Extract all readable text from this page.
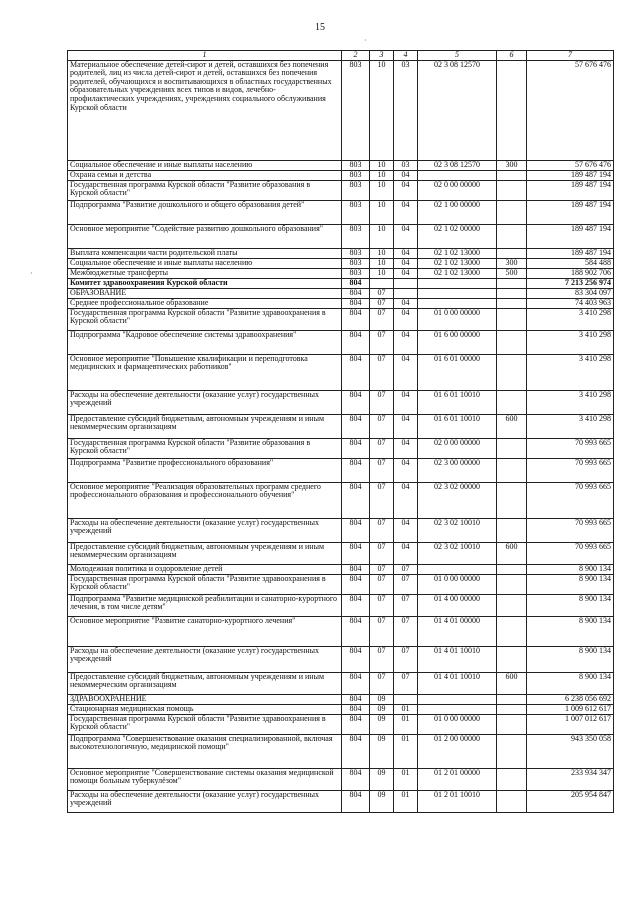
15
·
·
1	2	3	4	5	6	7
Материальное обеспечение детей-сирот и детей, оставшихся без попечения родителей, лиц из числа детей-сирот и детей, оставшихся без попечения родителей, обучающихся и воспитывающихся в областных государственных образовательных учреждениях всех типов и видов, лечебно-профилактических учреждениях, учреждениях социального обслуживания Курской области	803	10	03	02 3 08 12570		57 676 476
Социальное обеспечение и иные выплаты населению	803	10	03	02 3 08 12570	300	57 676 476
Охрана семьи и детства	803	10	04			189 487 194
Государственная программа Курской области "Развитие образования в Курской области"	803	10	04	02 0 00 00000		189 487 194
Подпрограмма "Развитие дошкольного и общего образования детей"	803	10	04	02 1 00 00000		189 487 194
Основное мероприятие "Содействие развитию дошкольного образования"	803	10	04	02 1 02 00000		189 487 194
Выплата компенсации части родительской платы	803	10	04	02 1 02 13000		189 487 194
Социальное обеспечение и иные выплаты населению	803	10	04	02 1 02 13000	300	584 488
Межбюджетные трансферты	803	10	04	02 1 02 13000	500	188 902 706
Комитет здравоохранения Курской области	804					7 213 256 974
ОБРАЗОВАНИЕ	804	07				83 304 097
Среднее профессиональное образование	804	07	04			74 403 963
Государственная программа Курской области "Развитие здравоохранения в Курской области"	804	07	04	01 0 00 00000		3 410 298
Подпрограмма "Кадровое обеспечение системы здравоохранения"	804	07	04	01 6 00 00000		3 410 298
Основное мероприятие "Повышение квалификации и переподготовка медицинских и фармацевтических работников"	804	07	04	01 6 01 00000		3 410 298
Расходы на обеспечение деятельности (оказание услуг) государственных учреждений	804	07	04	01 6 01 10010		3 410 298
Предоставление субсидий бюджетным, автономным учреждениям и иным некоммерческим организациям	804	07	04	01 6 01 10010	600	3 410 298
Государственная программа Курской области "Развитие образования в Курской области"	804	07	04	02 0 00 00000		70 993 665
Подпрограмма "Развитие профессионального образования"	804	07	04	02 3 00 00000		70 993 665
Основное мероприятие "Реализация образовательных программ среднего профессионального образования и профессионального обучения"	804	07	04	02 3 02 00000		70 993 665
Расходы на обеспечение деятельности (оказание услуг) государственных учреждений	804	07	04	02 3 02 10010		70 993 665
Предоставление субсидий бюджетным, автономным учреждениям и иным некоммерческим организациям	804	07	04	02 3 02 10010	600	70 993 665
Молодежная политика и оздоровление детей	804	07	07			8 900 134
Государственная программа Курской области "Развитие здравоохранения в Курской области"	804	07	07	01 0 00 00000		8 900 134
Подпрограмма "Развитие медицинской реабилитации и санаторно-курортного лечения, в том числе детям"	804	07	07	01 4 00 00000		8 900 134
Основное мероприятие "Развитие санаторно-курортного лечения"	804	07	07	01 4 01 00000		8 900 134
Расходы на обеспечение деятельности (оказание услуг) государственных учреждений	804	07	07	01 4 01 10010		8 900 134
Предоставление субсидий бюджетным, автономным учреждениям и иным некоммерческим организациям	804	07	07	01 4 01 10010	600	8 900 134
ЗДРАВООХРАНЕНИЕ	804	09				6 238 056 692
Стационарная медицинская помощь	804	09	01			1 009 612 617
Государственная программа Курской области "Развитие здравоохранения в Курской области"	804	09	01	01 0 00 00000		1 007 012 617
Подпрограмма "Совершенствование оказания специализированной, включая высокотехнологичную, медицинской помощи"	804	09	01	01 2 00 00000		943 350 058
Основное мероприятие "Совершенствование системы оказания медицинской помощи больным туберкулёзом"	804	09	01	01 2 01 00000		233 934 347
Расходы на обеспечение деятельности (оказание услуг) государственных учреждений	804	09	01	01 2 01 10010		205 954 847
